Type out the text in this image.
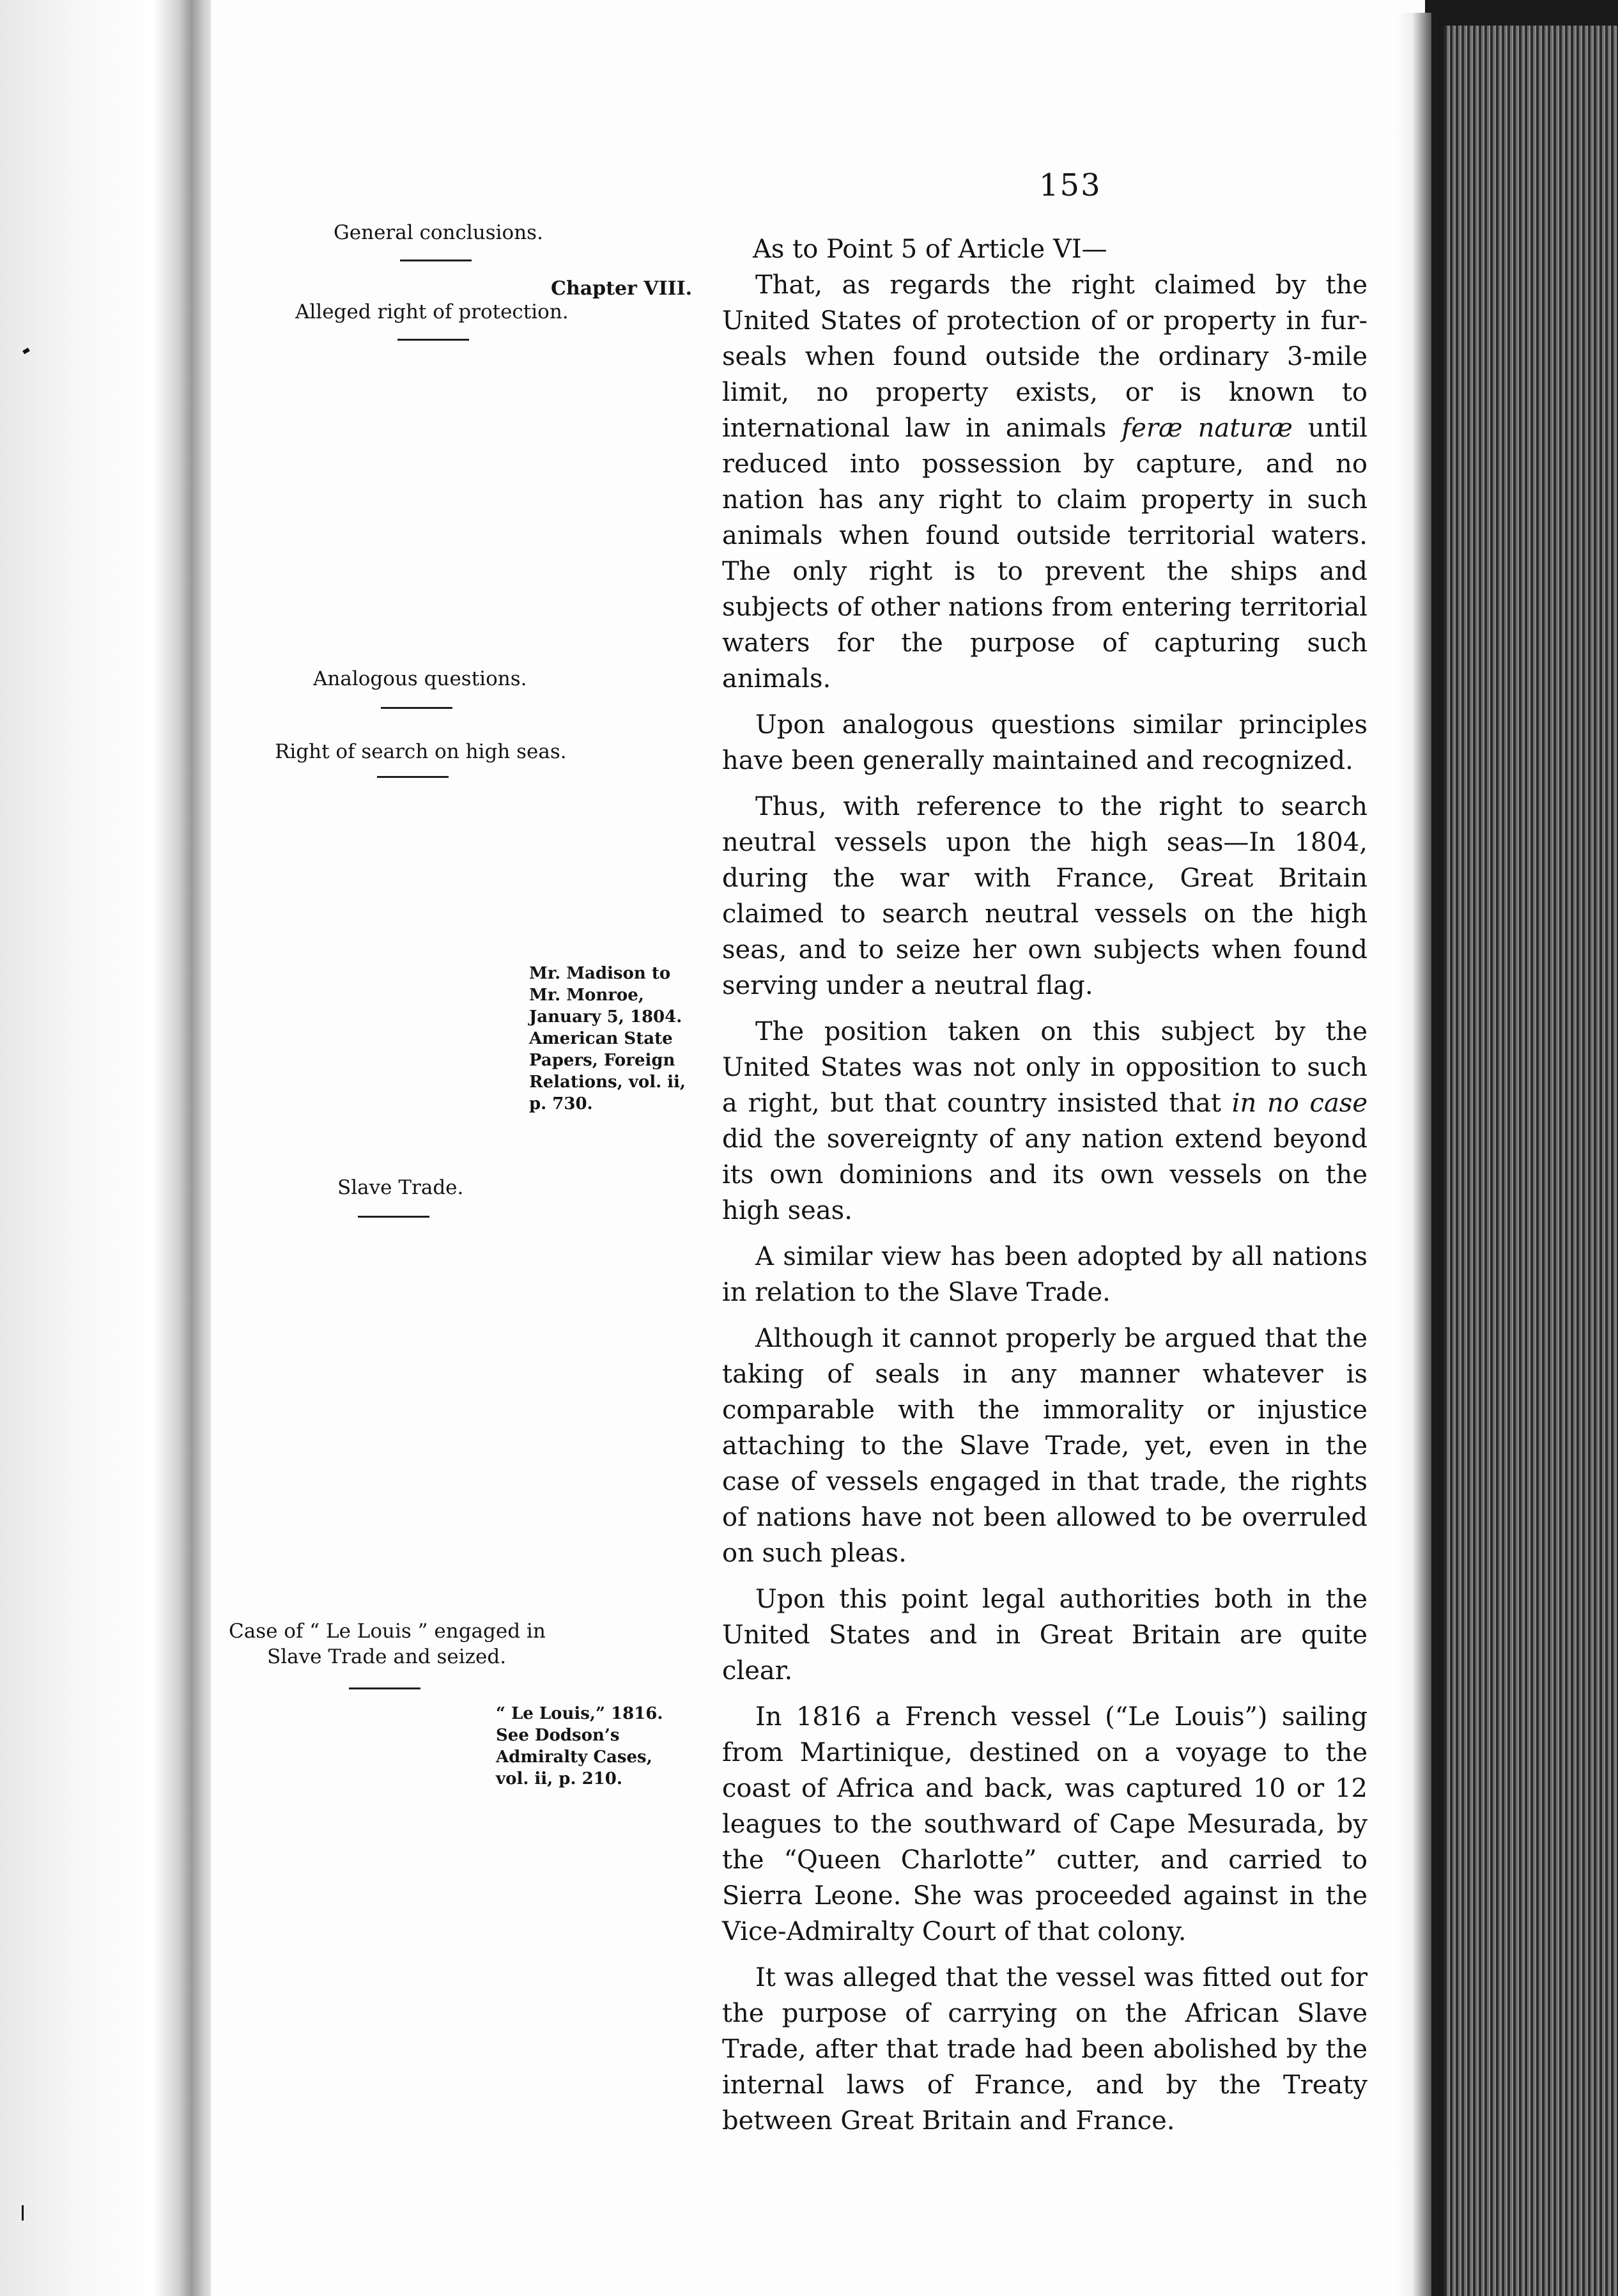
153
General conclusions.
Chapter VIII.
Alleged right of protection.
Analogous questions.
Right of search on high seas.
Mr. Madison to
Mr. Monroe,
January 5, 1804.
American State
Papers, Foreign
Relations, vol. ii,
p. 730.
Slave Trade.
Case of “ Le Louis ” engaged in
Slave Trade and seized.
“ Le Louis,” 1816.
See Dodson’s
Admiralty Cases,
vol. ii, p. 210.

As to Point 5 of Article VI—

That, as regards the right claimed by the United States of protection of or property in fur-seals when found outside the ordinary 3-mile limit, no property exists, or is known to international law in animals feræ naturæ until reduced into possession by capture, and no nation has any right to claim property in such animals when found outside territorial waters. The only right is to prevent the ships and subjects of other nations from entering territorial waters for the purpose of capturing such animals.

Upon analogous questions similar principles have been generally maintained and recognized.

Thus, with reference to the right to search neutral vessels upon the high seas—In 1804, during the war with France, Great Britain claimed to search neutral vessels on the high seas, and to seize her own subjects when found serving under a neutral flag.

The position taken on this subject by the United States was not only in opposition to such a right, but that country insisted that in no case did the sovereignty of any nation extend beyond its own dominions and its own vessels on the high seas.

A similar view has been adopted by all nations in relation to the Slave Trade.

Although it cannot properly be argued that the taking of seals in any manner whatever is comparable with the immorality or injustice attaching to the Slave Trade, yet, even in the case of vessels engaged in that trade, the rights of nations have not been allowed to be overruled on such pleas.

Upon this point legal authorities both in the United States and in Great Britain are quite clear.

In 1816 a French vessel (“Le Louis”) sailing from Martinique, destined on a voyage to the coast of Africa and back, was captured 10 or 12 leagues to the southward of Cape Mesurada, by the “Queen Charlotte” cutter, and carried to Sierra Leone. She was proceeded against in the Vice-Admiralty Court of that colony.

It was alleged that the vessel was fitted out for the purpose of carrying on the African Slave Trade, after that trade had been abolished by the internal laws of France, and by the Treaty between Great Britain and France.
